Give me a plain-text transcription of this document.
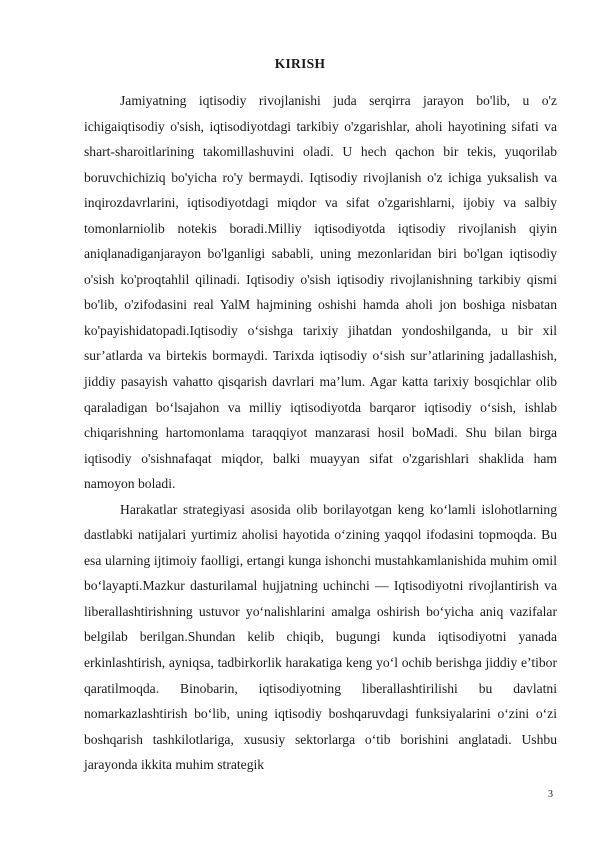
KIRISH

Jamiyatning iqtisodiy rivojlanishi juda serqirra jarayon bo'lib, u o'z ichigaiqtisodiy o'sish, iqtisodiyotdagi tarkibiy o'zgarishlar, aholi hayotining sifati va shart-sharoitlarining takomillashuvini oladi. U hech qachon bir tekis, yuqorilab boruvchichiziq bo'yicha ro'y bermaydi. Iqtisodiy rivojlanish o'z ichiga yuksalish va inqirozdavrlarini, iqtisodiyotdagi miqdor va sifat o'zgarishlarni, ijobiy va salbiy tomonlarniolib notekis boradi.Milliy iqtisodiyotda iqtisodiy rivojlanish qiyin aniqlanadiganjarayon bo'lganligi sababli, uning mezonlaridan biri bo'lgan iqtisodiy o'sish ko'proqtahlil qilinadi. Iqtisodiy o'sish iqtisodiy rivojlanishning tarkibiy qismi bo'lib, o'zifodasini real YalM hajmining oshishi hamda aholi jon boshiga nisbatan ko'payishidatopadi.Iqtisodiy o‘sishga tarixiy jihatdan yondoshilganda, u bir xil sur’atlarda va birtekis bormaydi. Tarixda iqtisodiy o‘sish sur’atlarining jadallashish, jiddiy pasayish vahatto qisqarish davrlari ma’lum. Agar katta tarixiy bosqichlar olib qaraladigan bo‘lsajahon va milliy iqtisodiyotda barqaror iqtisodiy o‘sish, ishlab chiqarishning hartomonlama taraqqiyot manzarasi hosil boMadi. Shu bilan birga iqtisodiy o'sishnafaqat miqdor, balki muayyan sifat o'zgarishlari shaklida ham namoyon boladi.

Harakatlar strategiyasi asosida olib borilayotgan keng ko‘lamli islohotlarning dastlabki natijalari yurtimiz aholisi hayotida o‘zining yaqqol ifodasini topmoqda. Bu esa ularning ijtimoiy faolligi, ertangi kunga ishonchi mustahkamlanishida muhim omil bo‘layapti.Mazkur dasturilamal hujjatning uchinchi — Iqtisodiyotni rivojlantirish va liberallashtirishning ustuvor yo‘nalishlarini amalga oshirish bo‘yicha aniq vazifalar belgilab berilgan.Shundan kelib chiqib, bugungi kunda iqtisodiyotni yanada erkinlashtirish, ayniqsa, tadbirkorlik harakatiga keng yo‘l ochib berishga jiddiy e’tibor qaratilmoqda. Binobarin, iqtisodiyotning liberallashtirilishi bu davlatni nomarkazlashtirish bo‘lib, uning iqtisodiy boshqaruvdagi funksiyalarini o‘zini o‘zi boshqarish tashkilotlariga, xususiy sektorlarga o‘tib borishini anglatadi. Ushbu jarayonda ikkita muhim strategik

3
